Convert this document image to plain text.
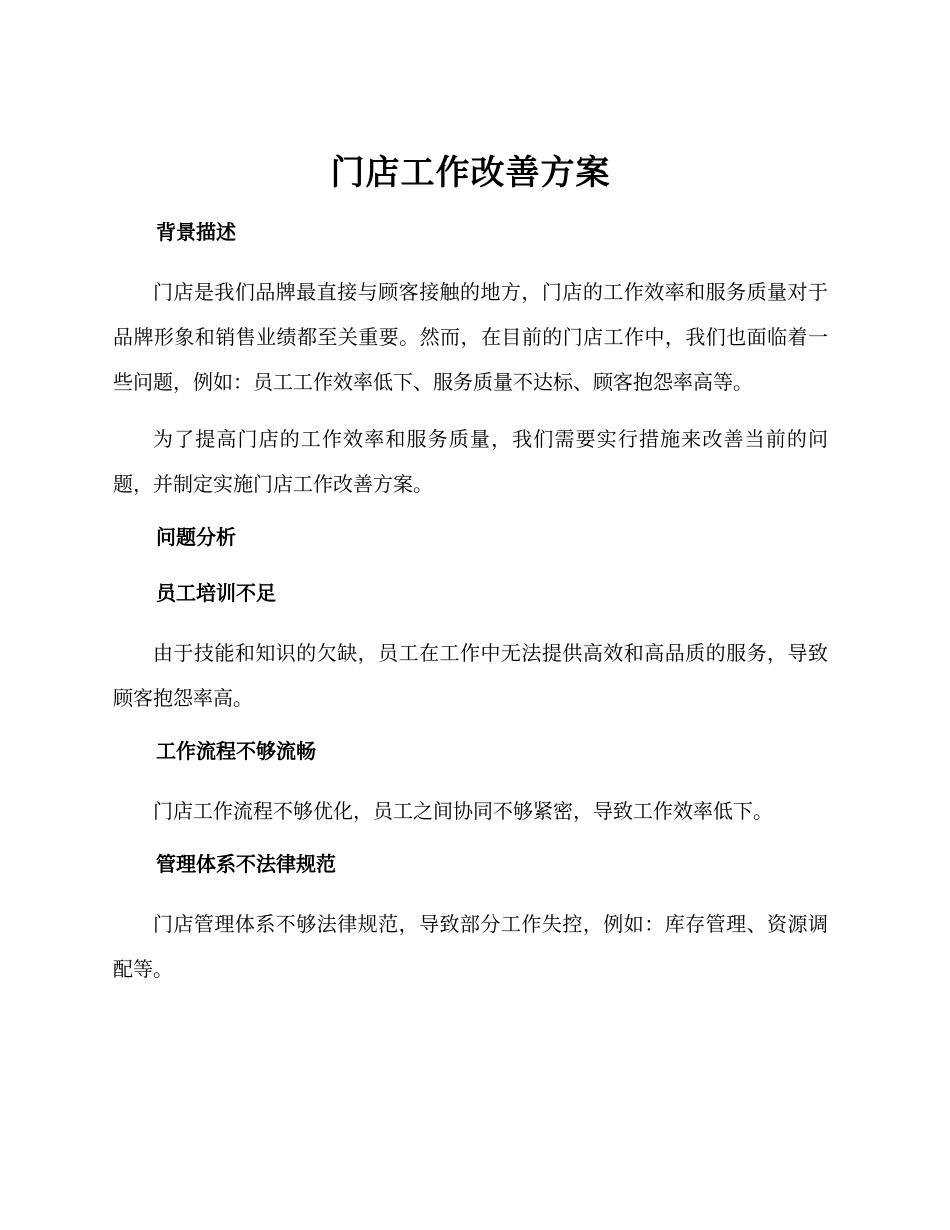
门店工作改善方案
背景描述

门店是我们品牌最直接与顾客接触的地方，门店的工作效率和服务质量对于品牌形象和销售业绩都至关重要。然而，在目前的门店工作中，我们也面临着一些问题，例如：员工工作效率低下、服务质量不达标、顾客抱怨率高等。

为了提高门店的工作效率和服务质量，我们需要实行措施来改善当前的问题，并制定实施门店工作改善方案。

问题分析
员工培训不足

由于技能和知识的欠缺，员工在工作中无法提供高效和高品质的服务，导致顾客抱怨率高。

工作流程不够流畅

门店工作流程不够优化，员工之间协同不够紧密，导致工作效率低下。

管理体系不法律规范

门店管理体系不够法律规范，导致部分工作失控，例如：库存管理、资源调配等。
